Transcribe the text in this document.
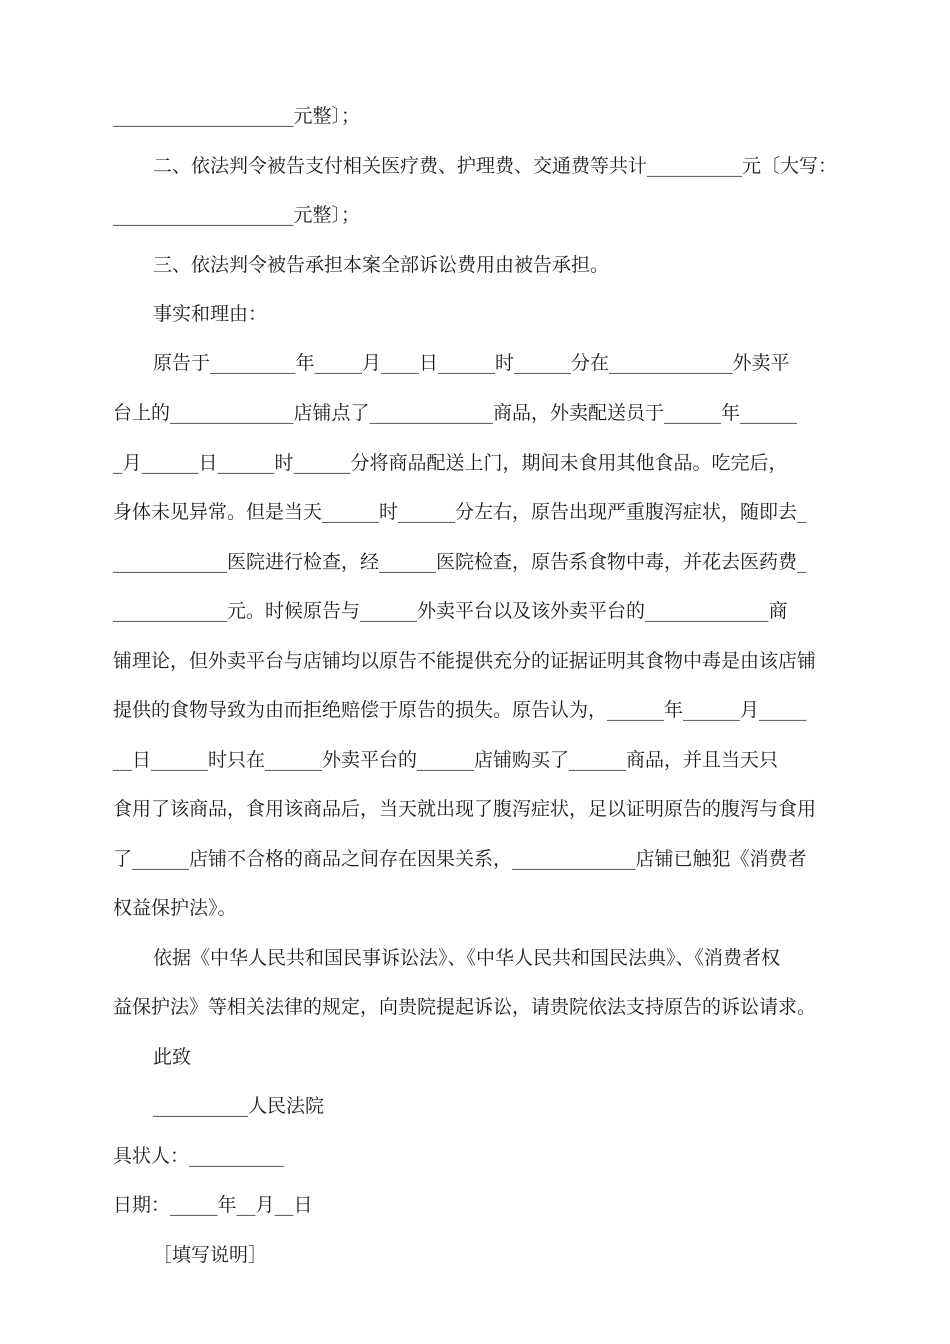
___________________元整〕；
二、依法判令被告支付相关医疗费、护理费、交通费等共计__________元〔大写：
___________________元整〕；
三、依法判令被告承担本案全部诉讼费用由被告承担。
事实和理由：
原告于_________年_____月____日______时______分在_____________外卖平
台上的_____________店铺点了_____________商品，外卖配送员于______年______
_月______日______时______分将商品配送上门，期间未食用其他食品。吃完后，
身体未见异常。但是当天______时______分左右，原告出现严重腹泻症状，随即去_
____________医院进行检查，经______医院检查，原告系食物中毒，并花去医药费_
____________元。时候原告与______外卖平台以及该外卖平台的_____________商
铺理论，但外卖平台与店铺均以原告不能提供充分的证据证明其食物中毒是由该店铺
提供的食物导致为由而拒绝赔偿于原告的损失。原告认为，______年______月_____
__日______时只在______外卖平台的______店铺购买了______商品，并且当天只
食用了该商品，食用该商品后，当天就出现了腹泻症状，足以证明原告的腹泻与食用
了______店铺不合格的商品之间存在因果关系，_____________店铺已触犯《消费者
权益保护法》。
依据《中华人民共和国民事诉讼法》、《中华人民共和国民法典》、《消费者权
益保护法》等相关法律的规定，向贵院提起诉讼，请贵院依法支持原告的诉讼请求。
此致
__________人民法院
具状人：__________
日期：_____年__月__日
［填写说明］
